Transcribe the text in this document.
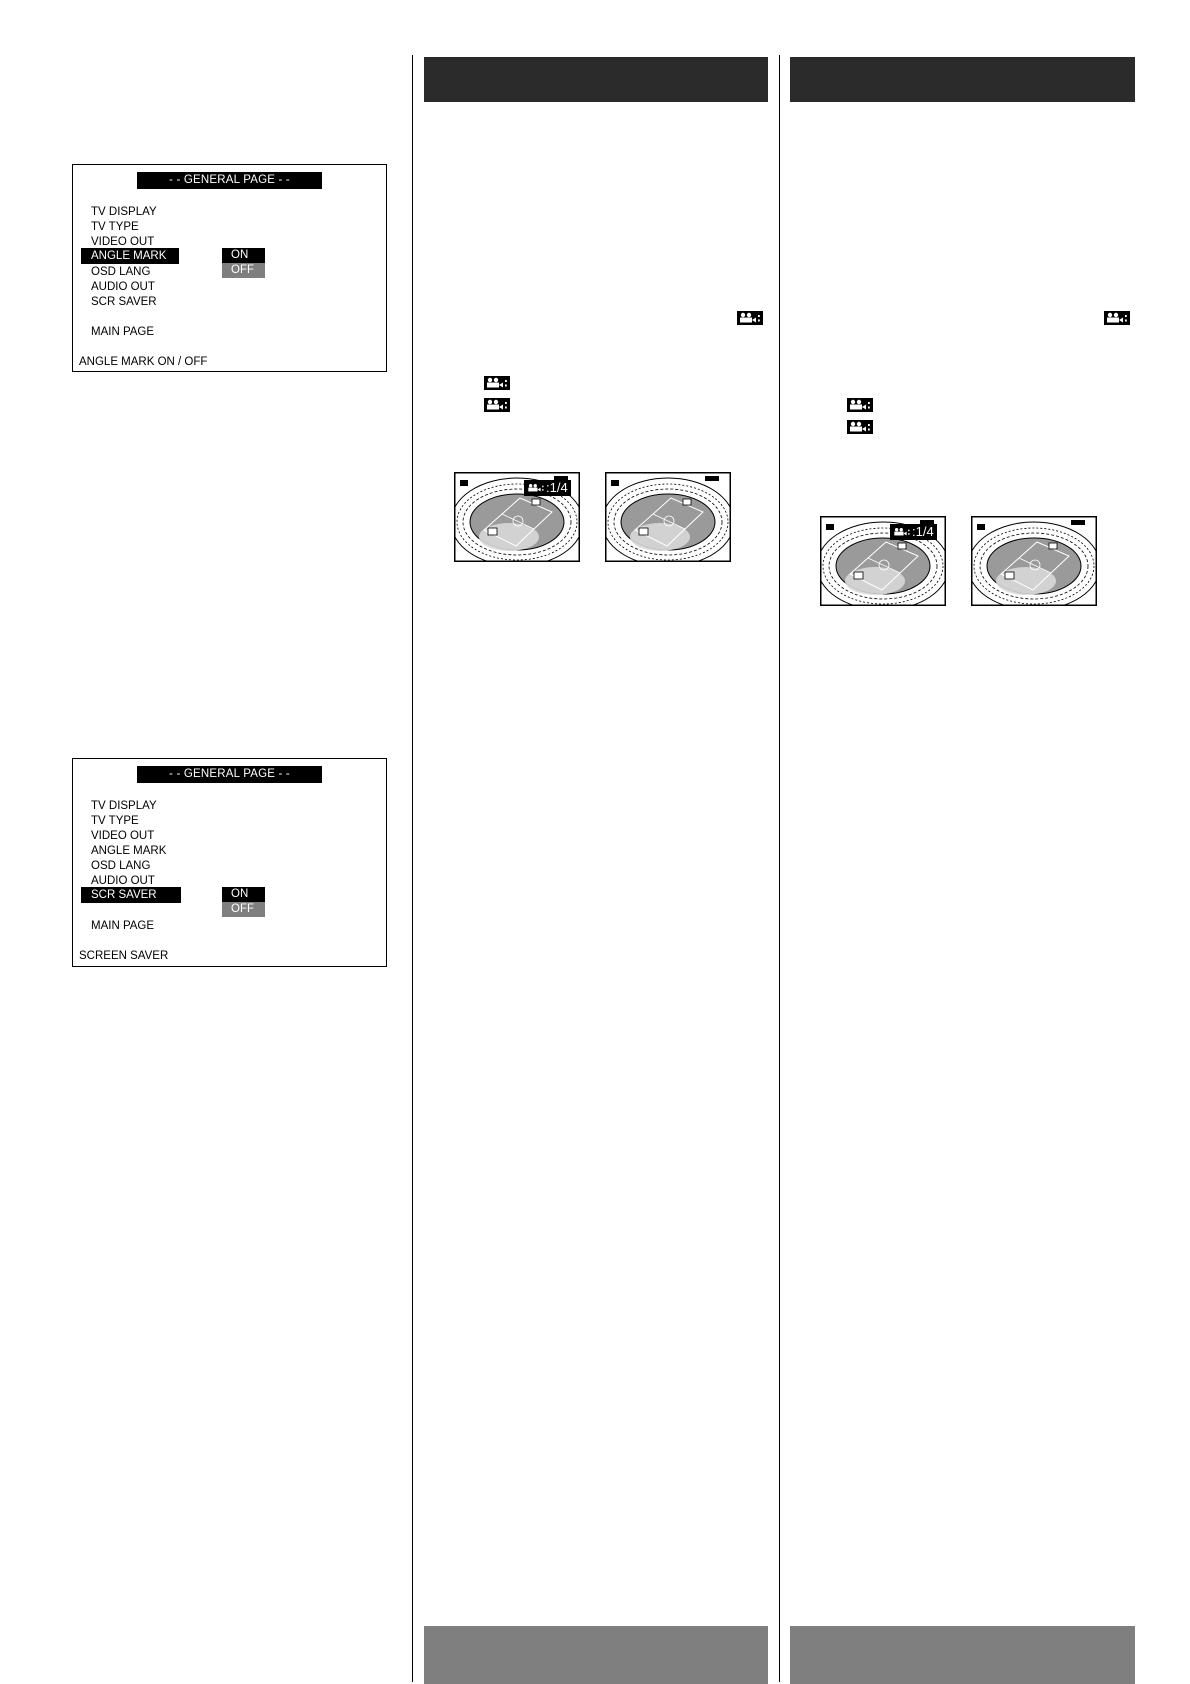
- - GENERAL PAGE - -
TV DISPLAY
TV TYPE
VIDEO OUT
ANGLE MARK
OSD LANG
AUDIO OUT
SCR SAVER
MAIN PAGE
ON
OFF
ANGLE MARK ON / OFF
- - GENERAL PAGE - -
TV DISPLAY
TV TYPE
VIDEO OUT
ANGLE MARK
OSD LANG
AUDIO OUT
SCR SAVER
MAIN PAGE
ON
OFF
SCREEN SAVER
:1/4
:1/4
